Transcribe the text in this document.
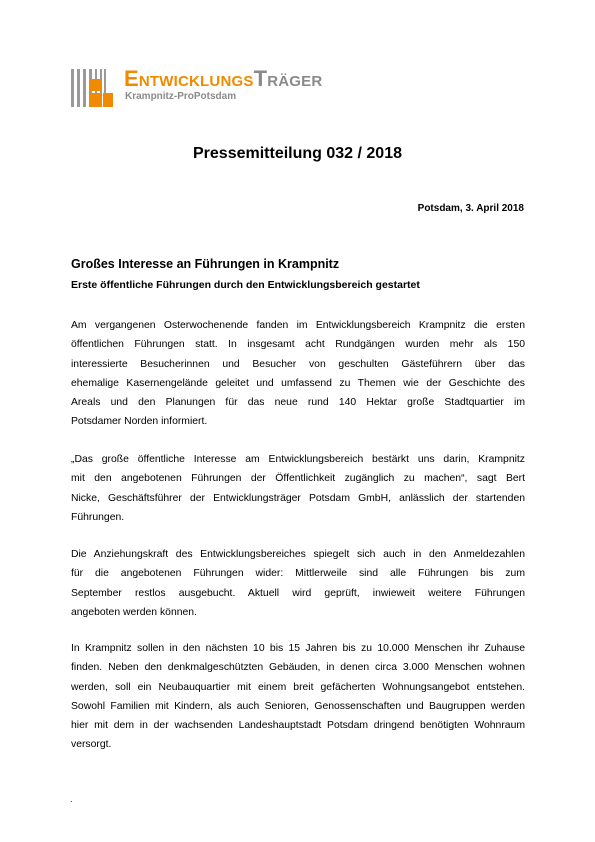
EntwicklungsTräger
Krampnitz-ProPotsdam
Pressemitteilung 032 / 2018
Potsdam, 3. April 2018
Großes Interesse an Führungen in Krampnitz
Erste öffentliche Führungen durch den Entwicklungsbereich gestartet
Am vergangenen Osterwochenende fanden im Entwicklungsbereich Krampnitz die ersten
öffentlichen Führungen statt. In insgesamt acht Rundgängen wurden mehr als 150
interessierte Besucherinnen und Besucher von geschulten Gästeführern über das
ehemalige Kasernengelände geleitet und umfassend zu Themen wie der Geschichte des
Areals und den Planungen für das neue rund 140 Hektar große Stadtquartier im
Potsdamer Norden informiert.
„Das große öffentliche Interesse am Entwicklungsbereich bestärkt uns darin, Krampnitz
mit den angebotenen Führungen der Öffentlichkeit zugänglich zu machen“, sagt Bert
Nicke, Geschäftsführer der Entwicklungsträger Potsdam GmbH, anlässlich der startenden
Führungen.
Die Anziehungskraft des Entwicklungsbereiches spiegelt sich auch in den Anmeldezahlen
für die angebotenen Führungen wider: Mittlerweile sind alle Führungen bis zum
September restlos ausgebucht. Aktuell wird geprüft, inwieweit weitere Führungen
angeboten werden können.
In Krampnitz sollen in den nächsten 10 bis 15 Jahren bis zu 10.000 Menschen ihr Zuhause
finden. Neben den denkmalgeschützten Gebäuden, in denen circa 3.000 Menschen wohnen
werden, soll ein Neubauquartier mit einem breit gefächerten Wohnungsangebot entstehen.
Sowohl Familien mit Kindern, als auch Senioren, Genossenschaften und Baugruppen werden
hier mit dem in der wachsenden Landeshauptstadt Potsdam dringend benötigten Wohnraum
versorgt.
.
